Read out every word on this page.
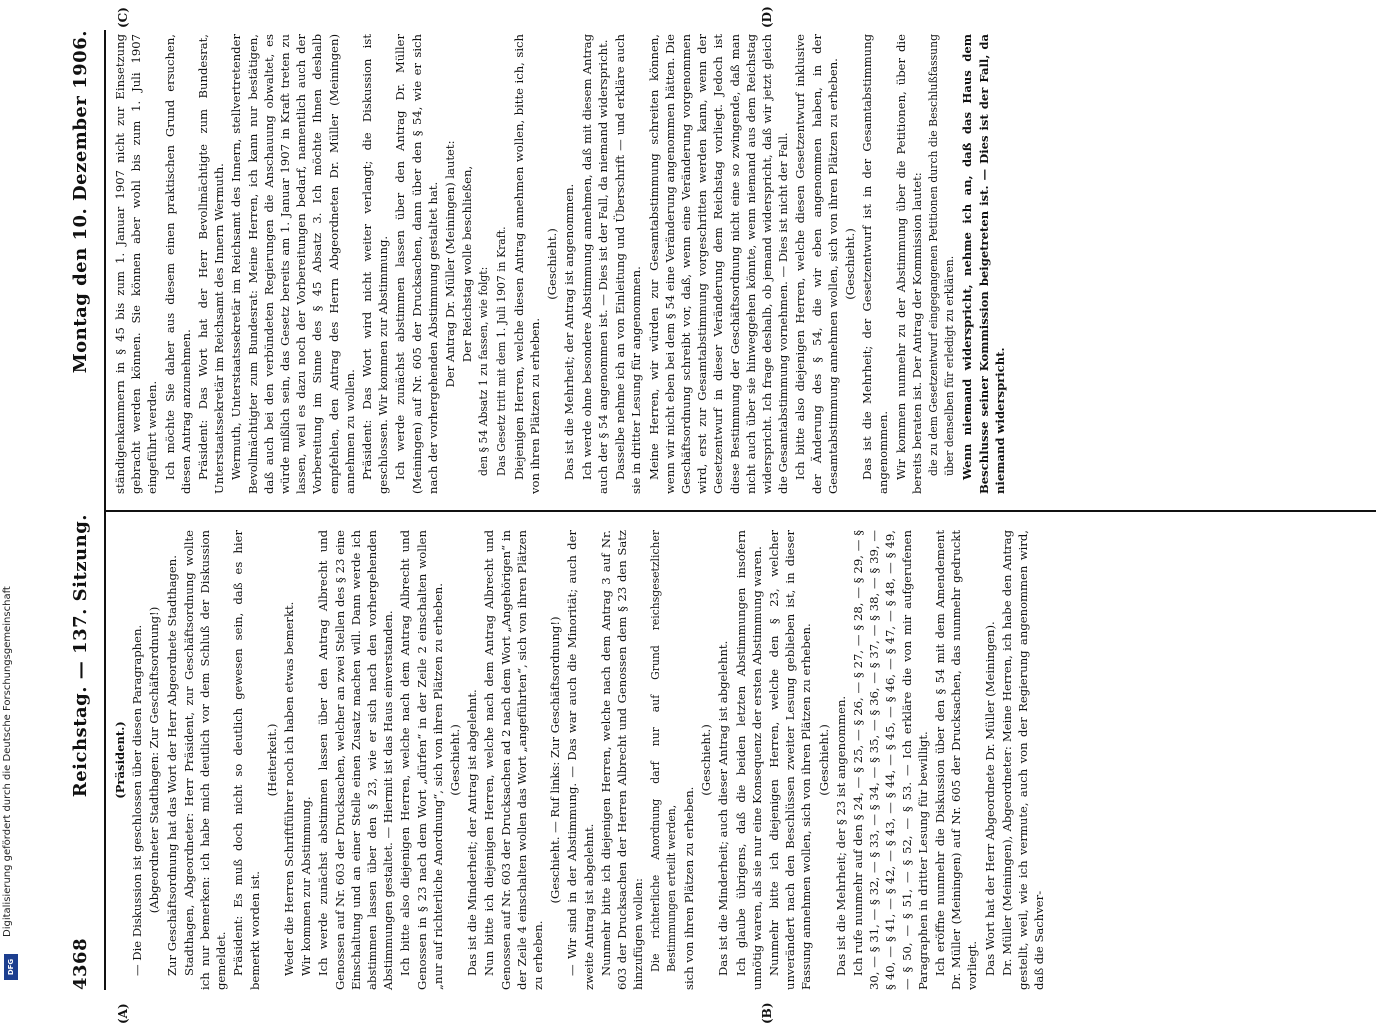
4368
Reichstag. — 137. Sitzung.
Montag den 10. Dezember 1906.
(A)	(B)
(C)	(D)

(Präsident.) — Die Diskussion ist geschlossen über diesen Paragraphen. (Abgeordneter Stadthagen: Zur Geschäftsordnung!) Zur Geschäftsordnung hat das Wort der Herr Abgeordnete Stadthagen. Stadthagen, Abgeordneter: Herr Präsident, zur Geschäftsordnung wollte ich nur bemerken: ich habe mich deutlich vor dem Schluß der Diskussion gemeldet. Präsident: Es muß doch nicht so deutlich gewesen sein, daß es hier bemerkt worden ist.

(Heiterkeit.) Weder die Herren Schriftführer noch ich haben etwas bemerkt. Wir kommen zur Abstimmung. Ich werde zunächst abstimmen lassen über den Antrag Albrecht und Genossen auf Nr. 603 der Drucksachen, welcher an zwei Stellen des § 23 eine Einschaltung und an einer Stelle einen Zusatz machen will. Dann werde ich abstimmen lassen über den § 23, wie er sich nach den vorhergehenden Abstimmungen gestaltet. — Hiermit ist das Haus einverstanden. Ich bitte also diejenigen Herren, welche nach dem Antrag Albrecht und Genossen in § 23 nach dem Wort „dürfen“ in der Zeile 2 einschalten wollen „nur auf richterliche Anordnung“, sich von ihren Plätzen zu erheben. (Geschieht.) Das ist die Minderheit; der Antrag ist abgelehnt. Nun bitte ich diejenigen Herren, welche nach dem Antrag Albrecht und Genossen auf Nr. 603 der Drucksachen ad 2 nach dem Wort „Angehörigen“ in der Zeile 4 einschalten wollen das Wort „angeführten“, sich von ihren Plätzen zu erheben.

(Geschieht. — Ruf links: Zur Geschäftsordnung!) — Wir sind in der Abstimmung. — Das war auch die Minorität; auch der zweite Antrag ist abgelehnt. Nunmehr bitte ich diejenigen Herren, welche nach dem Antrag 3 auf Nr. 603 der Drucksachen der Herren Albrecht und Genossen dem § 23 den Satz hinzufügen wollen: Die richterliche Anordnung darf nur auf Grund reichsgesetzlicher Bestimmungen erteilt werden, sich von ihren Plätzen zu erheben.

(Geschieht.) Das ist die Minderheit; auch dieser Antrag ist abgelehnt. Ich glaube übrigens, daß die beiden letzten Abstimmungen insofern unnötig waren, als sie nur eine Konsequenz der ersten Abstimmung waren. Nunmehr bitte ich diejenigen Herren, welche den § 23, welcher unverändert nach den Beschlüssen zweiter Lesung geblieben ist, in dieser Fassung annehmen wollen, sich von ihren Plätzen zu erheben. (Geschieht.) Das ist die Mehrheit; der § 23 ist angenommen. Ich rufe nunmehr auf den § 24, — § 25, — § 26, — § 27, — § 28, — § 29, — § 30, — § 31, — § 32, — § 33, — § 34, — § 35, — § 36, — § 37, — § 38, — § 39, — § 40, — § 41, — § 42, — § 43, — § 44, — § 45, — § 46, — § 47, — § 48, — § 49, — § 50, — § 51, — § 52, — § 53. — Ich erkläre die von mir aufgerufenen Paragraphen in dritter Lesung für bewilligt. Ich eröffne nunmehr die Diskussion über den § 54 mit dem Amendement Dr. Müller (Meiningen) auf Nr. 605 der Drucksachen, das nunmehr gedruckt vorliegt. Das Wort hat der Herr Abgeordnete Dr. Müller (Meiningen). Dr. Müller (Meiningen), Abgeordneter: Meine Herren, ich habe den Antrag gestellt, weil, wie ich vermute, auch von der Regierung angenommen wird, daß die Sachver-

ständigenkammern in § 45 bis zum 1. Januar 1907 nicht zur Einsetzung gebracht werden können. Sie können aber wohl bis zum 1. Juli 1907 eingeführt werden. Ich möchte Sie daher aus diesem einen praktischen Grund ersuchen, diesen Antrag anzunehmen. Präsident: Das Wort hat der Herr Bevollmächtigte zum Bundesrat, Unterstaatssekretär im Reichsamt des Innern Wermuth. Wermuth, Unterstaatssekretär im Reichsamt des Innern, stellvertretender Bevollmächtigter zum Bundesrat: Meine Herren, ich kann nur bestätigen, daß auch bei den verbündeten Regierungen die Anschauung obwaltet, es würde mißlich sein, das Gesetz bereits am 1. Januar 1907 in Kraft treten zu lassen, weil es dazu noch der Vorbereitungen bedarf, namentlich auch der Vorbereitung im Sinne des § 45 Absatz 3. Ich möchte Ihnen deshalb empfehlen, den Antrag des Herrn Abgeordneten Dr. Müller (Meiningen) annehmen zu wollen. Präsident: Das Wort wird nicht weiter verlangt; die Diskussion ist geschlossen. Wir kommen zur Abstimmung. Ich werde zunächst abstimmen lassen über den Antrag Dr. Müller (Meiningen) auf Nr. 605 der Drucksachen, dann über den § 54, wie er sich nach der vorhergehenden Abstimmung gestaltet hat. Der Antrag Dr. Müller (Meiningen) lautet: Der Reichstag wolle beschließen,

den § 54 Absatz 1 zu fassen, wie folgt: Das Gesetz tritt mit dem 1. Juli 1907 in Kraft. Diejenigen Herren, welche diesen Antrag annehmen wollen, bitte ich, sich von ihren Plätzen zu erheben.

(Geschieht.) Das ist die Mehrheit; der Antrag ist angenommen. Ich werde ohne besondere Abstimmung annehmen, daß mit diesem Antrag auch der § 54 angenommen ist. — Dies ist der Fall, da niemand widerspricht. Dasselbe nehme ich an von Einleitung und Überschrift — und erkläre auch sie in dritter Lesung für angenommen. Meine Herren, wir würden zur Gesamtabstimmung schreiten können, wenn wir nicht eben bei dem § 54 eine Veränderung angenommen hätten. Die Geschäftsordnung schreibt vor, daß, wenn eine Veränderung vorgenommen wird, erst zur Gesamtabstimmung vorgeschritten werden kann, wenn der Gesetzentwurf in dieser Veränderung dem Reichstag vorliegt. Jedoch ist diese Bestimmung der Geschäftsordnung nicht eine so zwingende, daß man nicht auch über sie hinweggehen könnte, wenn niemand aus dem Reichstag widerspricht. Ich frage deshalb, ob jemand widerspricht, daß wir jetzt gleich die Gesamtabstimmung vornehmen. — Dies ist nicht der Fall. Ich bitte also diejenigen Herren, welche diesen Gesetzentwurf inklusive der Änderung des § 54, die wir eben angenommen haben, in der Gesamtabstimmung annehmen wollen, sich von ihren Plätzen zu erheben. (Geschieht.) Das ist die Mehrheit; der Gesetzentwurf ist in der Gesamtabstimmung angenommen. Wir kommen nunmehr zu der Abstimmung über die Petitionen, über die bereits beraten ist. Der Antrag der Kommission lautet: die zu dem Gesetzentwurf eingegangenen Petitionen durch die Beschlußfassung über denselben für erledigt zu erklären. Wenn niemand widerspricht, nehme ich an, daß das Haus dem Beschlusse seiner Kommission beigetreten ist. — Dies ist der Fall, da niemand widerspricht.

Digitalisierung gefördert durch die Deutsche Forschungsgemeinschaft
DFG
